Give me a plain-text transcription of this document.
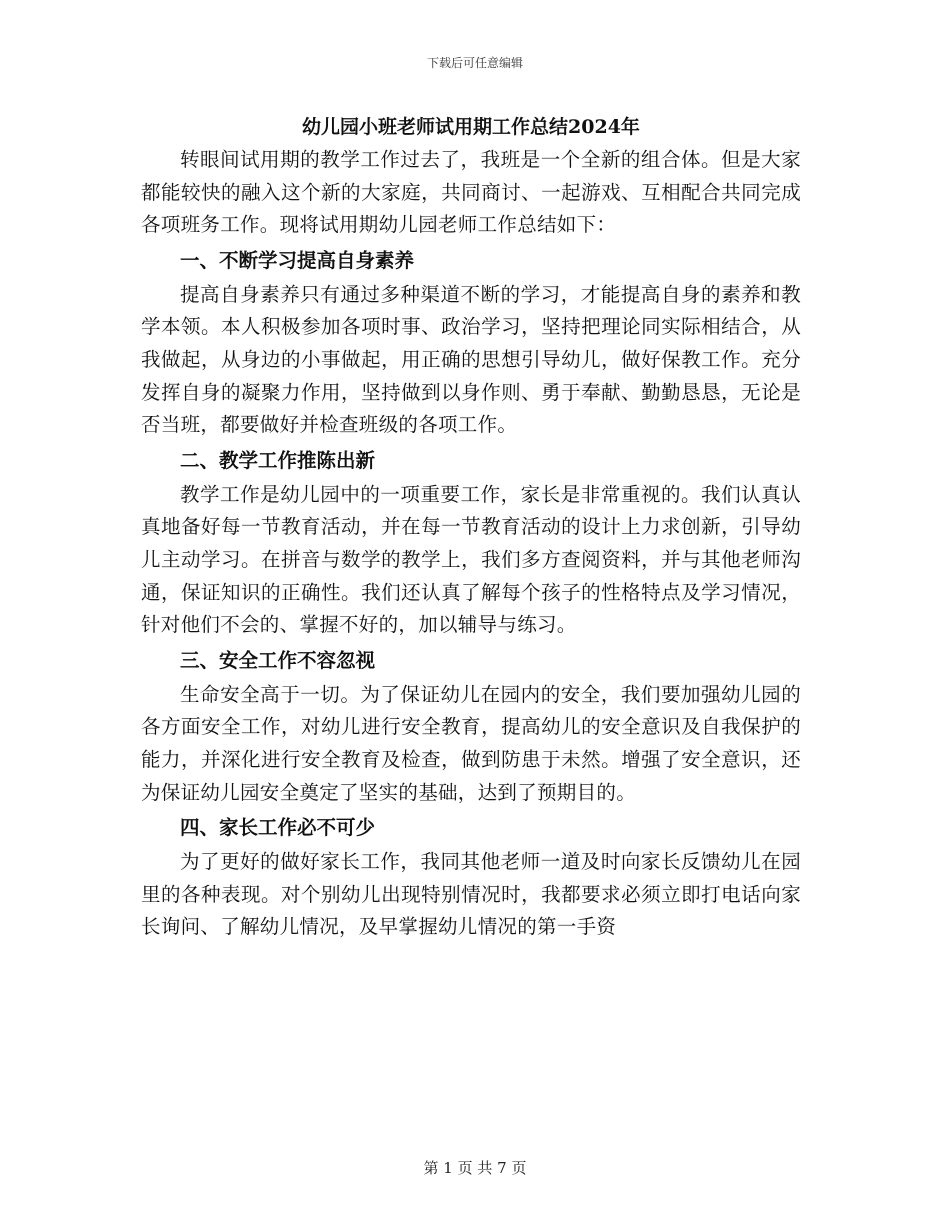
下载后可任意编辑
幼儿园小班老师试用期工作总结2024年

转眼间试用期的教学工作过去了，我班是一个全新的组合体。但是大家都能较快的融入这个新的大家庭，共同商讨、一起游戏、互相配合共同完成各项班务工作。现将试用期幼儿园老师工作总结如下：

一、不断学习提高自身素养

提高自身素养只有通过多种渠道不断的学习，才能提高自身的素养和教学本领。本人积极参加各项时事、政治学习，坚持把理论同实际相结合，从我做起，从身边的小事做起，用正确的思想引导幼儿，做好保教工作。充分发挥自身的凝聚力作用，坚持做到以身作则、勇于奉献、勤勤恳恳，无论是否当班，都要做好并检查班级的各项工作。

二、教学工作推陈出新

教学工作是幼儿园中的一项重要工作，家长是非常重视的。我们认真认真地备好每一节教育活动，并在每一节教育活动的设计上力求创新，引导幼儿主动学习。在拼音与数学的教学上，我们多方查阅资料，并与其他老师沟通，保证知识的正确性。我们还认真了解每个孩子的性格特点及学习情况，针对他们不会的、掌握不好的，加以辅导与练习。

三、安全工作不容忽视

生命安全高于一切。为了保证幼儿在园内的安全，我们要加强幼儿园的各方面安全工作，对幼儿进行安全教育，提高幼儿的安全意识及自我保护的能力，并深化进行安全教育及检查，做到防患于未然。增强了安全意识，还为保证幼儿园安全奠定了坚实的基础，达到了预期目的。

四、家长工作必不可少

为了更好的做好家长工作，我同其他老师一道及时向家长反馈幼儿在园里的各种表现。对个别幼儿出现特别情况时，我都要求必须立即打电话向家长询问、了解幼儿情况，及早掌握幼儿情况的第一手资

第 1 页 共 7 页
